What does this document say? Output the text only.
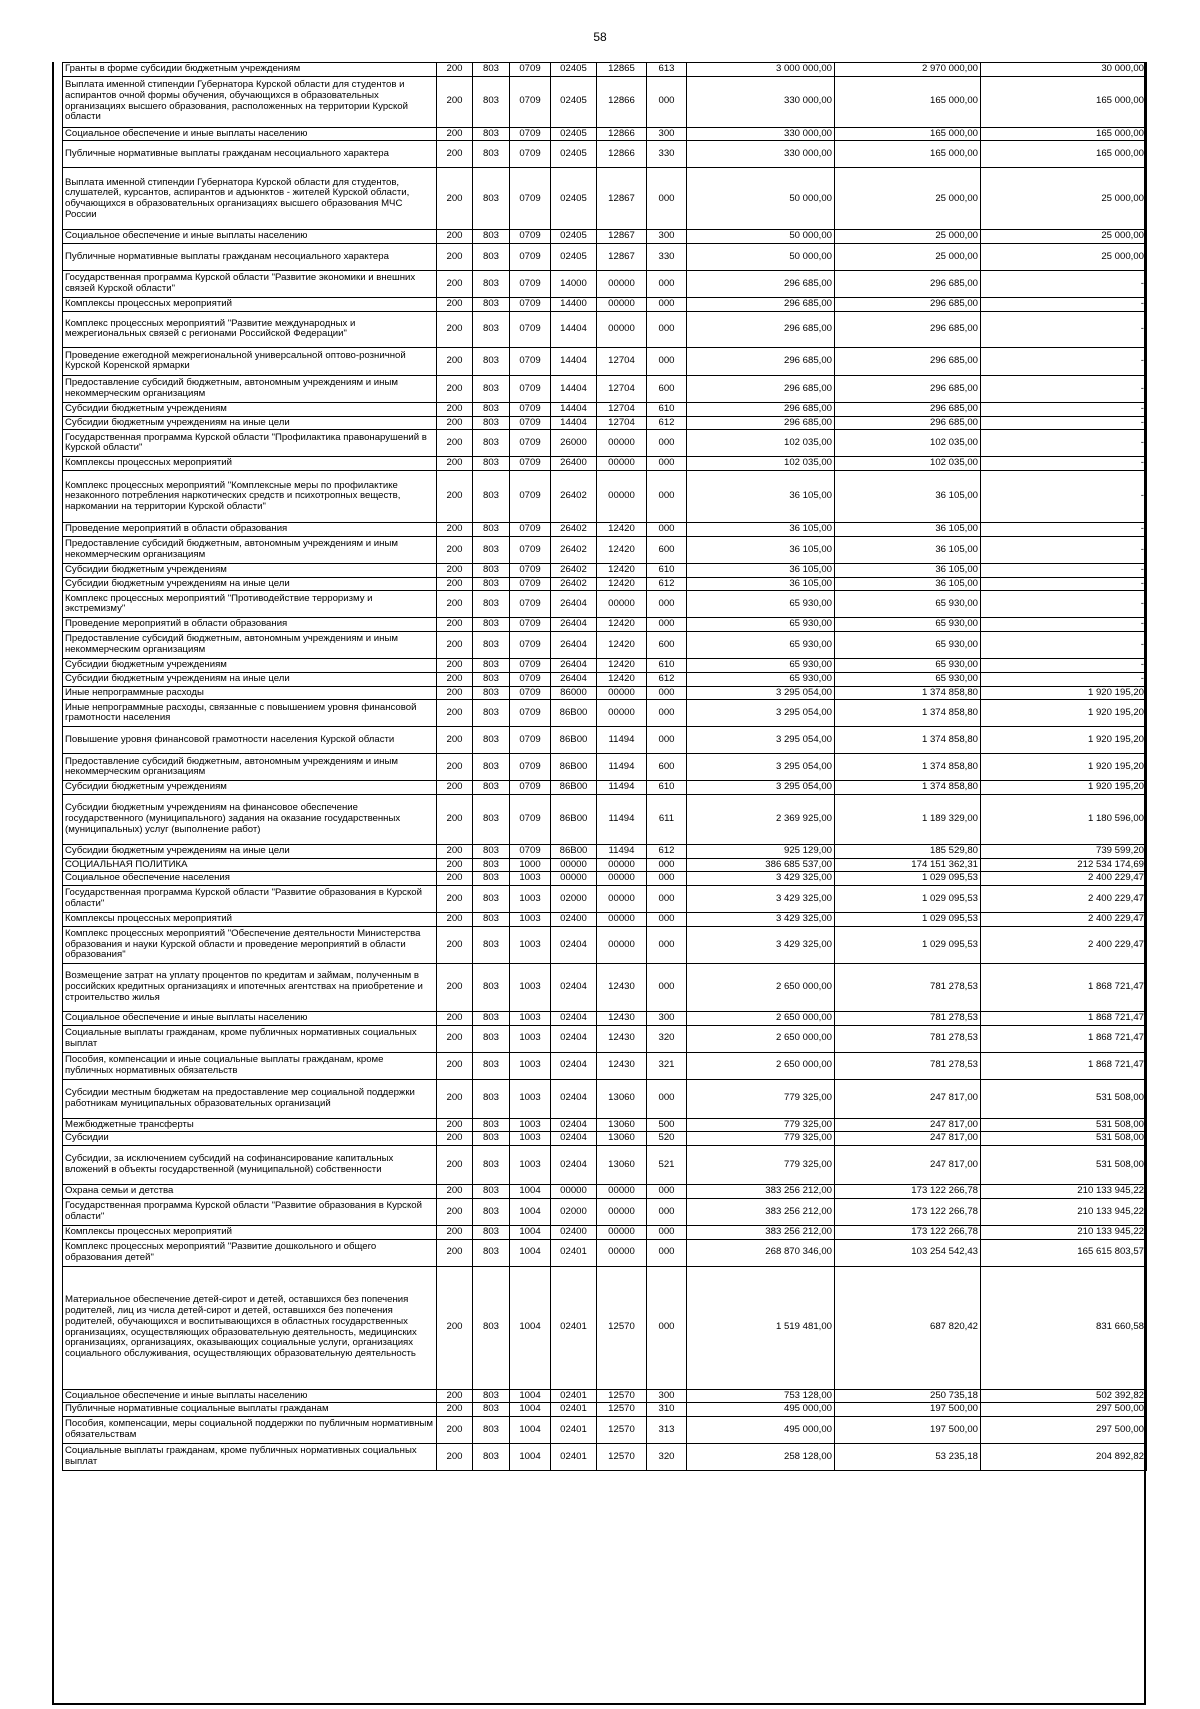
58
Гранты в форме субсидии бюджетным учреждениям	200	803	0709	02405	12865	613	3 000 000,00	2 970 000,00	30 000,00
Выплата именной стипендии Губернатора Курской области для студентов и аспирантов очной формы обучения, обучающихся в образовательных организациях высшего образования, расположенных на территории Курской области	200	803	0709	02405	12866	000	330 000,00	165 000,00	165 000,00
Социальное обеспечение и иные выплаты населению	200	803	0709	02405	12866	300	330 000,00	165 000,00	165 000,00
Публичные нормативные выплаты гражданам несоциального характера	200	803	0709	02405	12866	330	330 000,00	165 000,00	165 000,00
Выплата именной стипендии Губернатора Курской области для студентов, слушателей, курсантов, аспирантов и адъюнктов - жителей Курской области, обучающихся в образовательных организациях высшего образования МЧС России	200	803	0709	02405	12867	000	50 000,00	25 000,00	25 000,00
Социальное обеспечение и иные выплаты населению	200	803	0709	02405	12867	300	50 000,00	25 000,00	25 000,00
Публичные нормативные выплаты гражданам несоциального характера	200	803	0709	02405	12867	330	50 000,00	25 000,00	25 000,00
Государственная программа Курской области "Развитие экономики и внешних связей Курской области"	200	803	0709	14000	00000	000	296 685,00	296 685,00	-
Комплексы процессных мероприятий	200	803	0709	14400	00000	000	296 685,00	296 685,00	-
Комплекс процессных мероприятий "Развитие международных и межрегиональных связей с регионами Российской Федерации"	200	803	0709	14404	00000	000	296 685,00	296 685,00	-
Проведение ежегодной межрегиональной универсальной оптово-розничной Курской Коренской ярмарки	200	803	0709	14404	12704	000	296 685,00	296 685,00	-
Предоставление субсидий бюджетным, автономным учреждениям и иным некоммерческим организациям	200	803	0709	14404	12704	600	296 685,00	296 685,00	-
Субсидии бюджетным учреждениям	200	803	0709	14404	12704	610	296 685,00	296 685,00	-
Субсидии бюджетным учреждениям на иные цели	200	803	0709	14404	12704	612	296 685,00	296 685,00	-
Государственная программа Курской области "Профилактика правонарушений в Курской области"	200	803	0709	26000	00000	000	102 035,00	102 035,00	-
Комплексы процессных мероприятий	200	803	0709	26400	00000	000	102 035,00	102 035,00	-
Комплекс процессных мероприятий "Комплексные меры по профилактике незаконного потребления наркотических средств и психотропных веществ, наркомании на территории Курской области"	200	803	0709	26402	00000	000	36 105,00	36 105,00	-
Проведение мероприятий в области образования	200	803	0709	26402	12420	000	36 105,00	36 105,00	-
Предоставление субсидий бюджетным, автономным учреждениям и иным некоммерческим организациям	200	803	0709	26402	12420	600	36 105,00	36 105,00	-
Субсидии бюджетным учреждениям	200	803	0709	26402	12420	610	36 105,00	36 105,00	-
Субсидии бюджетным учреждениям на иные цели	200	803	0709	26402	12420	612	36 105,00	36 105,00	-
Комплекс процессных мероприятий "Противодействие терроризму и экстремизму"	200	803	0709	26404	00000	000	65 930,00	65 930,00	-
Проведение мероприятий в области образования	200	803	0709	26404	12420	000	65 930,00	65 930,00	-
Предоставление субсидий бюджетным, автономным учреждениям и иным некоммерческим организациям	200	803	0709	26404	12420	600	65 930,00	65 930,00	-
Субсидии бюджетным учреждениям	200	803	0709	26404	12420	610	65 930,00	65 930,00	-
Субсидии бюджетным учреждениям на иные цели	200	803	0709	26404	12420	612	65 930,00	65 930,00	-
Иные непрограммные расходы	200	803	0709	86000	00000	000	3 295 054,00	1 374 858,80	1 920 195,20
Иные непрограммные расходы, связанные с повышением уровня финансовой грамотности населения	200	803	0709	86В00	00000	000	3 295 054,00	1 374 858,80	1 920 195,20
Повышение уровня финансовой грамотности населения Курской области	200	803	0709	86В00	11494	000	3 295 054,00	1 374 858,80	1 920 195,20
Предоставление субсидий бюджетным, автономным учреждениям и иным некоммерческим организациям	200	803	0709	86В00	11494	600	3 295 054,00	1 374 858,80	1 920 195,20
Субсидии бюджетным учреждениям	200	803	0709	86В00	11494	610	3 295 054,00	1 374 858,80	1 920 195,20
Субсидии бюджетным учреждениям на финансовое обеспечение государственного (муниципального) задания на оказание государственных (муниципальных) услуг (выполнение работ)	200	803	0709	86В00	11494	611	2 369 925,00	1 189 329,00	1 180 596,00
Субсидии бюджетным учреждениям на иные цели	200	803	0709	86В00	11494	612	925 129,00	185 529,80	739 599,20
СОЦИАЛЬНАЯ ПОЛИТИКА	200	803	1000	00000	00000	000	386 685 537,00	174 151 362,31	212 534 174,69
Социальное обеспечение населения	200	803	1003	00000	00000	000	3 429 325,00	1 029 095,53	2 400 229,47
Государственная программа Курской области "Развитие образования в Курской области"	200	803	1003	02000	00000	000	3 429 325,00	1 029 095,53	2 400 229,47
Комплексы процессных мероприятий	200	803	1003	02400	00000	000	3 429 325,00	1 029 095,53	2 400 229,47
Комплекс процессных мероприятий "Обеспечение деятельности Министерства образования и науки Курской области и проведение мероприятий в области образования"	200	803	1003	02404	00000	000	3 429 325,00	1 029 095,53	2 400 229,47
Возмещение затрат на уплату процентов по кредитам и займам, полученным в российских кредитных организациях и ипотечных агентствах на приобретение и строительство жилья	200	803	1003	02404	12430	000	2 650 000,00	781 278,53	1 868 721,47
Социальное обеспечение и иные выплаты населению	200	803	1003	02404	12430	300	2 650 000,00	781 278,53	1 868 721,47
Социальные выплаты гражданам, кроме публичных нормативных социальных выплат	200	803	1003	02404	12430	320	2 650 000,00	781 278,53	1 868 721,47
Пособия, компенсации и иные социальные выплаты гражданам, кроме публичных нормативных обязательств	200	803	1003	02404	12430	321	2 650 000,00	781 278,53	1 868 721,47
Субсидии местным бюджетам на предоставление мер социальной поддержки работникам муниципальных образовательных организаций	200	803	1003	02404	13060	000	779 325,00	247 817,00	531 508,00
Межбюджетные трансферты	200	803	1003	02404	13060	500	779 325,00	247 817,00	531 508,00
Субсидии	200	803	1003	02404	13060	520	779 325,00	247 817,00	531 508,00
Субсидии, за исключением субсидий на софинансирование капитальных вложений в объекты государственной (муниципальной) собственности	200	803	1003	02404	13060	521	779 325,00	247 817,00	531 508,00
Охрана семьи и детства	200	803	1004	00000	00000	000	383 256 212,00	173 122 266,78	210 133 945,22
Государственная программа Курской области "Развитие образования в Курской области"	200	803	1004	02000	00000	000	383 256 212,00	173 122 266,78	210 133 945,22
Комплексы процессных мероприятий	200	803	1004	02400	00000	000	383 256 212,00	173 122 266,78	210 133 945,22
Комплекс процессных мероприятий "Развитие дошкольного и общего образования детей"	200	803	1004	02401	00000	000	268 870 346,00	103 254 542,43	165 615 803,57
Материальное обеспечение детей-сирот и детей, оставшихся без попечения родителей, лиц из числа детей-сирот и детей, оставшихся без попечения родителей, обучающихся и воспитывающихся в областных государственных организациях, осуществляющих образовательную деятельность, медицинских организациях, организациях, оказывающих социальные услуги, организациях социального обслуживания, осуществляющих образовательную деятельность	200	803	1004	02401	12570	000	1 519 481,00	687 820,42	831 660,58
Социальное обеспечение и иные выплаты населению	200	803	1004	02401	12570	300	753 128,00	250 735,18	502 392,82
Публичные нормативные социальные выплаты гражданам	200	803	1004	02401	12570	310	495 000,00	197 500,00	297 500,00
Пособия, компенсации, меры социальной поддержки по публичным нормативным обязательствам	200	803	1004	02401	12570	313	495 000,00	197 500,00	297 500,00
Социальные выплаты гражданам, кроме публичных нормативных социальных выплат	200	803	1004	02401	12570	320	258 128,00	53 235,18	204 892,82
